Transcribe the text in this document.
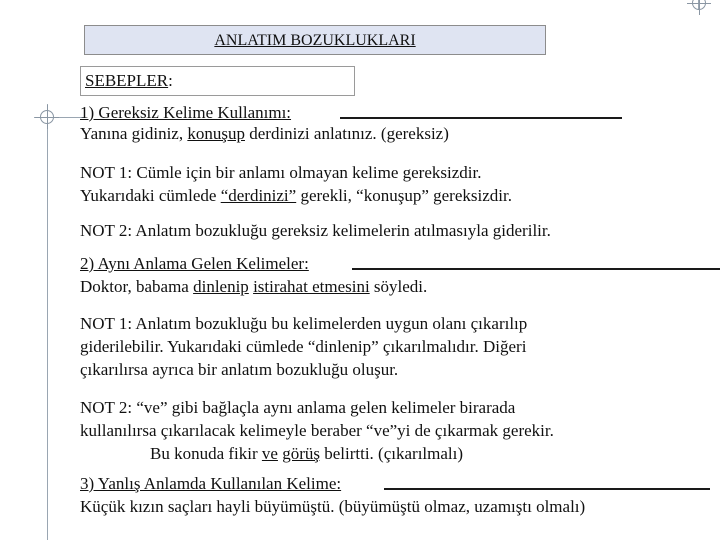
ANLATIM BOZUKLUKLARI
SEBEPLER:
1) Gereksiz Kelime Kullanımı:
Yanına gidiniz, konuşup derdinizi anlatınız. (gereksiz)
NOT 1: Cümle için bir anlamı olmayan kelime gereksizdir.
Yukarıdaki cümlede “derdinizi” gerekli, “konuşup” gereksizdir.
NOT 2: Anlatım bozukluğu gereksiz kelimelerin atılmasıyla giderilir.
2) Aynı Anlama Gelen Kelimeler:
Doktor, babama dinlenip istirahat etmesini söyledi.
NOT 1: Anlatım bozukluğu bu kelimelerden uygun olanı çıkarılıp
giderilebilir. Yukarıdaki cümlede “dinlenip” çıkarılmalıdır. Diğeri
çıkarılırsa ayrıca bir anlatım bozukluğu oluşur.
NOT 2: “ve” gibi bağlaçla aynı anlama gelen kelimeler birarada
kullanılırsa çıkarılacak kelimeyle beraber “ve”yi de çıkarmak gerekir.
Bu konuda fikir ve görüş belirtti. (çıkarılmalı)
3) Yanlış Anlamda Kullanılan Kelime:
Küçük kızın saçları hayli büyümüştü. (büyümüştü olmaz, uzamıştı olmalı)
